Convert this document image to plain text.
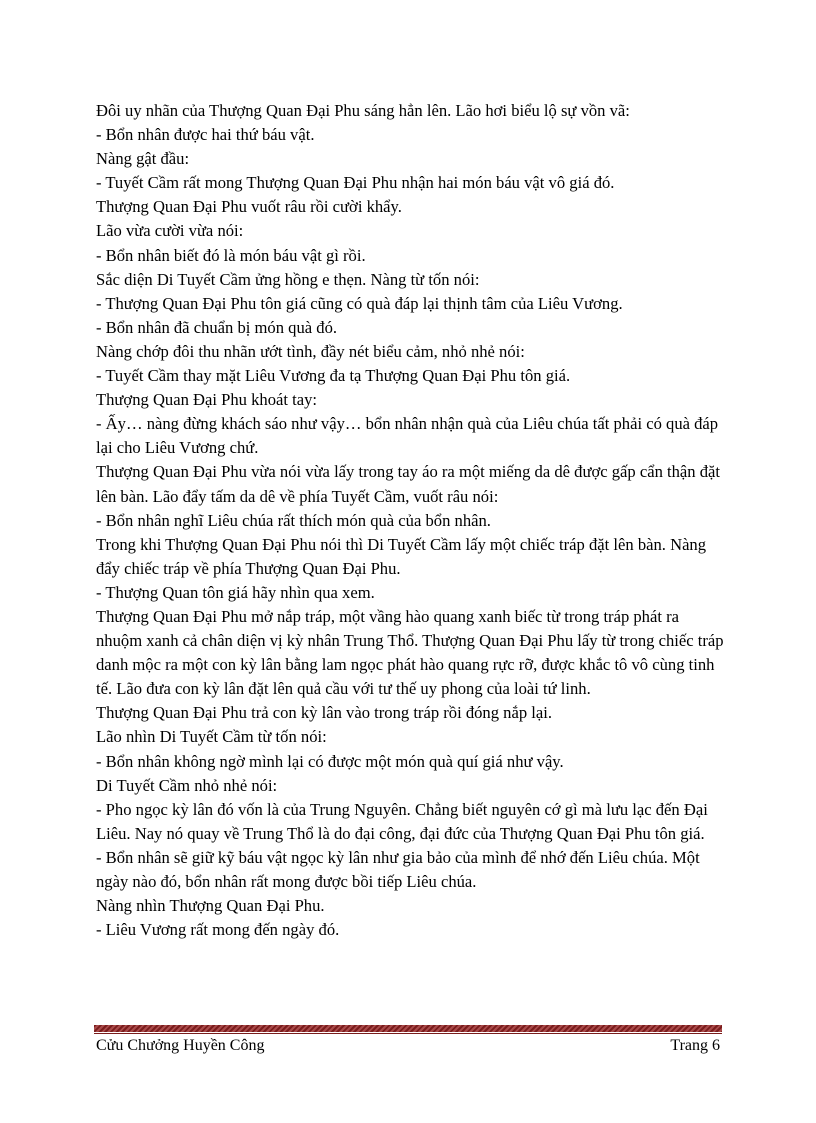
Đôi uy nhãn của Thượng Quan Đại Phu sáng hẳn lên. Lão hơi biểu lộ sự vồn vã:

- Bổn nhân được hai thứ báu vật.

Nàng gật đầu:

- Tuyết Cầm rất mong Thượng Quan Đại Phu nhận hai món báu vật vô giá đó.

Thượng Quan Đại Phu vuốt râu rồi cười khẩy.

Lão vừa cười vừa nói:

- Bổn nhân biết đó là món báu vật gì rồi.

Sắc diện Di Tuyết Cầm ửng hồng e thẹn. Nàng từ tốn nói:

- Thượng Quan Đại Phu tôn giá cũng có quà đáp lại thịnh tâm của Liêu Vương.

- Bổn nhân đã chuẩn bị món quà đó.

Nàng chớp đôi thu nhãn ướt tình, đầy nét biểu cảm, nhỏ nhẻ nói:

- Tuyết Cầm thay mặt Liêu Vương đa tạ Thượng Quan Đại Phu tôn giá.

Thượng Quan Đại Phu khoát tay:

- Ấy… nàng đừng khách sáo như vậy… bổn nhân nhận quà của Liêu chúa tất phải có quà đáp lại cho Liêu Vương chứ.

Thượng Quan Đại Phu vừa nói vừa lấy trong tay áo ra một miếng da dê được gấp cẩn thận đặt lên bàn. Lão đẩy tấm da dê về phía Tuyết Cầm, vuốt râu nói:

- Bổn nhân nghĩ Liêu chúa rất thích món quà của bổn nhân.

Trong khi Thượng Quan Đại Phu nói thì Di Tuyết Cầm lấy một chiếc tráp đặt lên bàn. Nàng đẩy chiếc tráp về phía Thượng Quan Đại Phu.

- Thượng Quan tôn giá hãy nhìn qua xem.

Thượng Quan Đại Phu mở nắp tráp, một vầng hào quang xanh biếc từ trong tráp phát ra nhuộm xanh cả chân diện vị kỳ nhân Trung Thổ. Thượng Quan Đại Phu lấy từ trong chiếc tráp danh mộc ra một con kỳ lân bằng lam ngọc phát hào quang rực rỡ, được khắc tô vô cùng tinh tế. Lão đưa con kỳ lân đặt lên quả cầu với tư thế uy phong của loài tứ linh.

Thượng Quan Đại Phu trả con kỳ lân vào trong tráp rồi đóng nắp lại.

Lão nhìn Di Tuyết Cầm từ tốn nói:

- Bổn nhân không ngờ mình lại có được một món quà quí giá như vậy.

Di Tuyết Cầm nhỏ nhẻ nói:

- Pho ngọc kỳ lân đó vốn là của Trung Nguyên. Chẳng biết nguyên cớ gì mà lưu lạc đến Đại Liêu. Nay nó quay về Trung Thổ là do đại công, đại đức của Thượng Quan Đại Phu tôn giá.

- Bổn nhân sẽ giữ kỹ báu vật ngọc kỳ lân như gia bảo của mình để nhớ đến Liêu chúa. Một ngày nào đó, bổn nhân rất mong được bồi tiếp Liêu chúa.

Nàng nhìn Thượng Quan Đại Phu.

- Liêu Vương rất mong đến ngày đó.

Cửu Chưởng Huyền Công	Trang 6
